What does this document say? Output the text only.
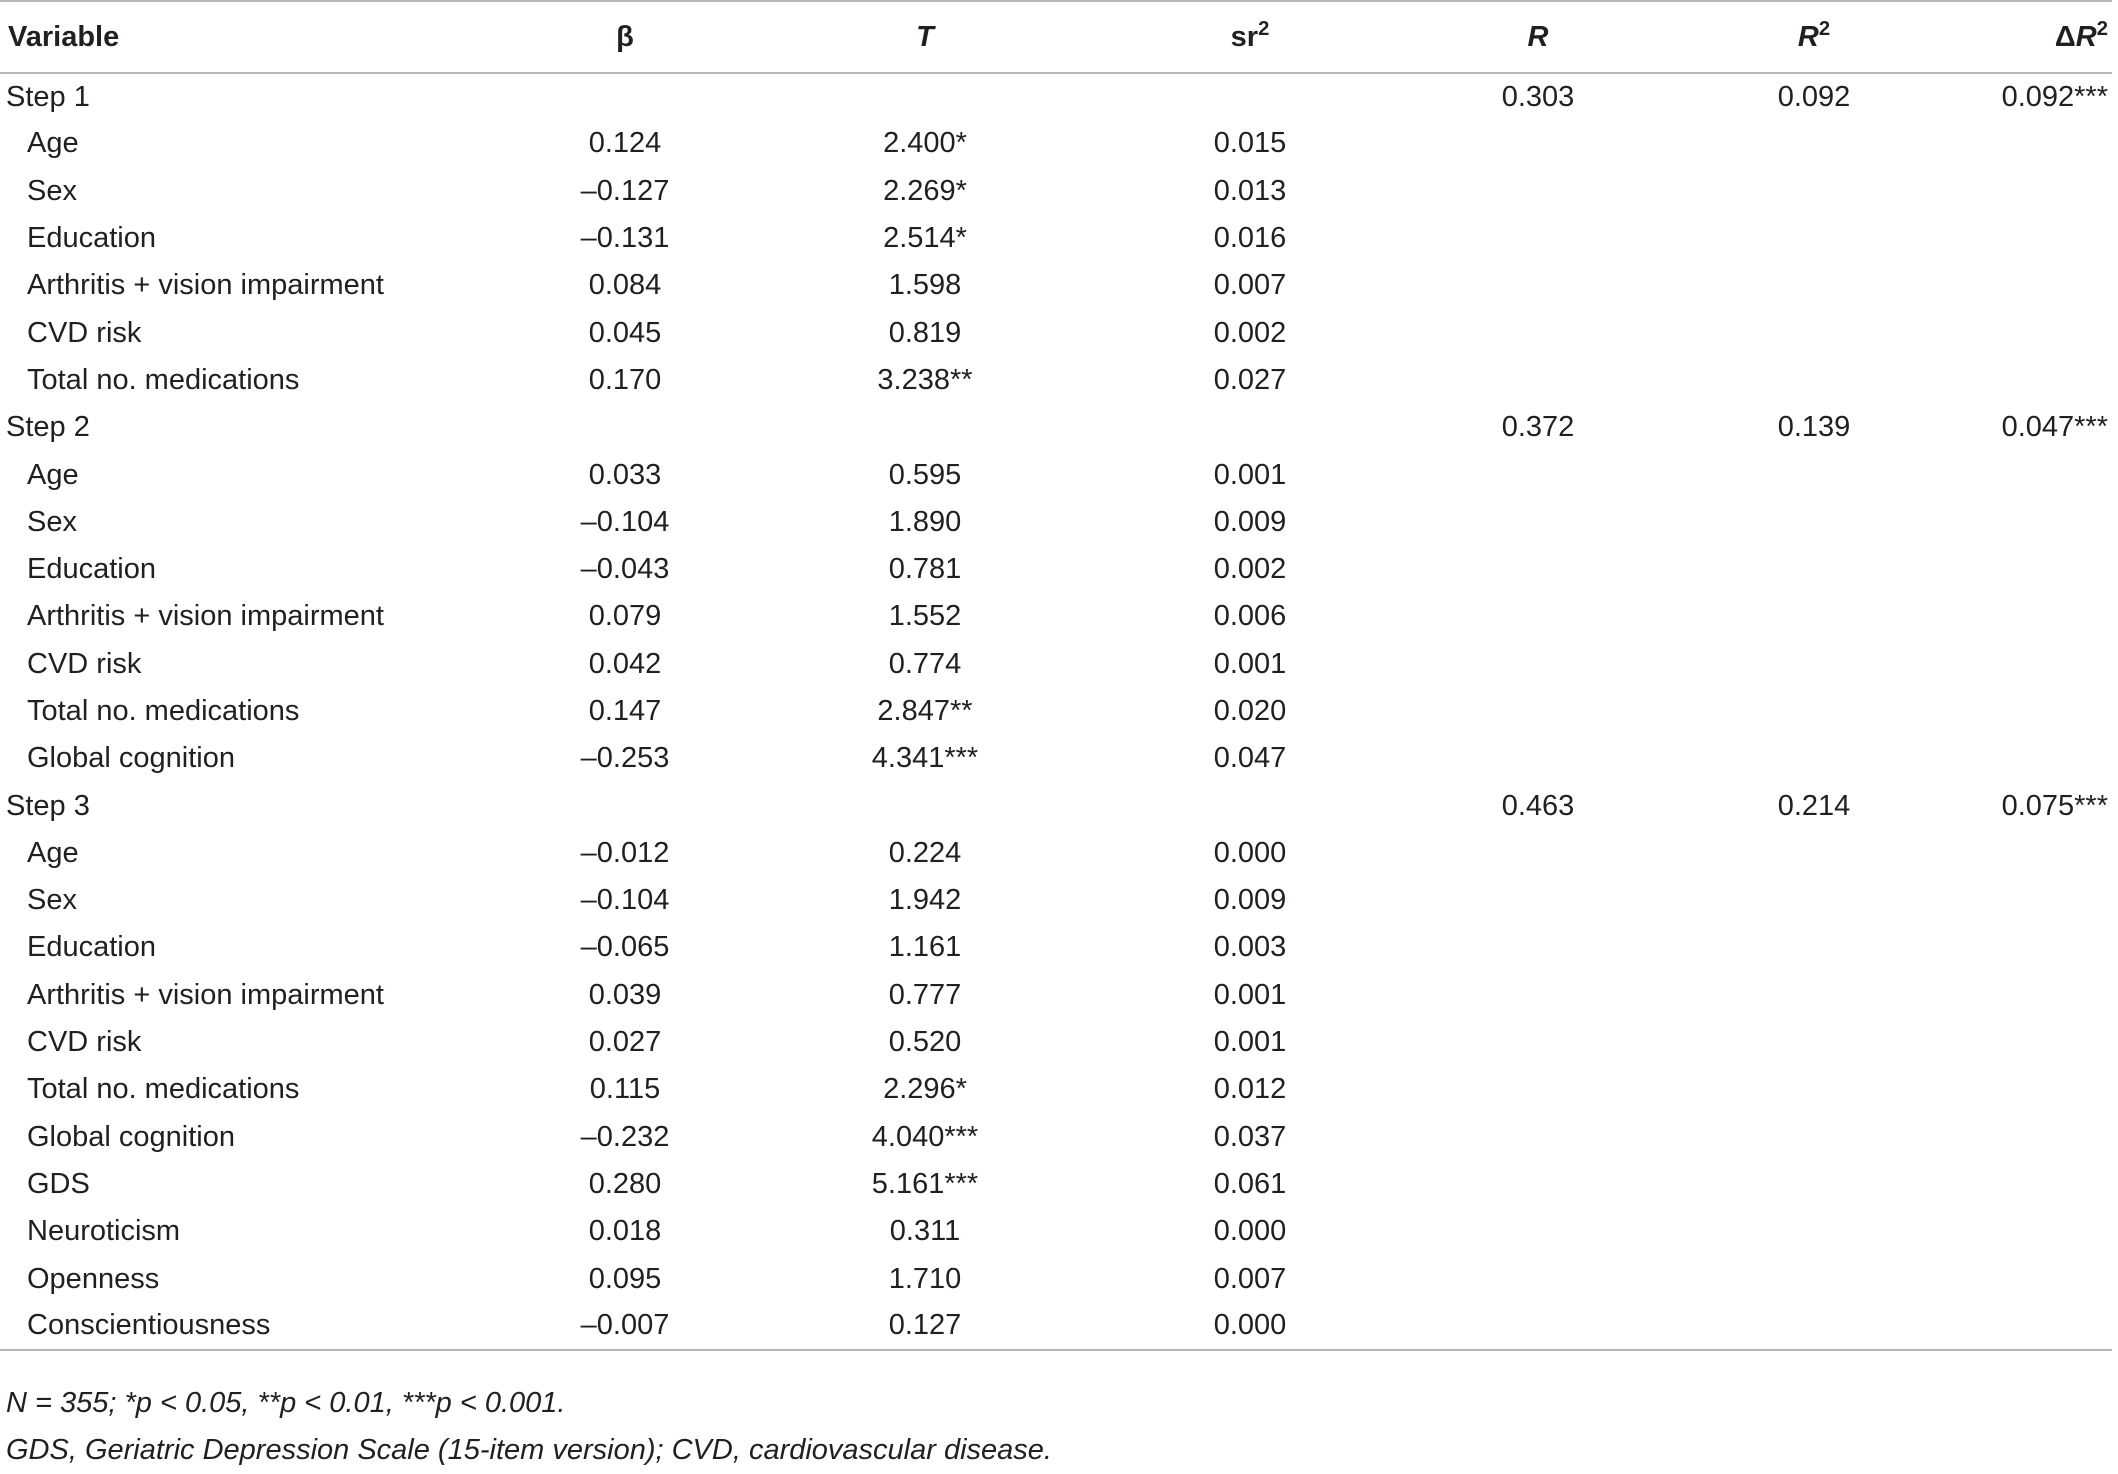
Variable	β	T	$sr^2$	R	$R^2$	$\Delta R^2$
Step 1				0.303	0.092	0.092***
Age	0.124	2.400*	0.015			
Sex	–0.127	2.269*	0.013			
Education	–0.131	2.514*	0.016			
Arthritis + vision impairment	0.084	1.598	0.007			
CVD risk	0.045	0.819	0.002			
Total no. medications	0.170	3.238**	0.027			
Step 2				0.372	0.139	0.047***
Age	0.033	0.595	0.001			
Sex	–0.104	1.890	0.009			
Education	–0.043	0.781	0.002			
Arthritis + vision impairment	0.079	1.552	0.006			
CVD risk	0.042	0.774	0.001			
Total no. medications	0.147	2.847**	0.020			
Global cognition	–0.253	4.341***	0.047			
Step 3				0.463	0.214	0.075***
Age	–0.012	0.224	0.000			
Sex	–0.104	1.942	0.009			
Education	–0.065	1.161	0.003			
Arthritis + vision impairment	0.039	0.777	0.001			
CVD risk	0.027	0.520	0.001			
Total no. medications	0.115	2.296*	0.012			
Global cognition	–0.232	4.040***	0.037			
GDS	0.280	5.161***	0.061			
Neuroticism	0.018	0.311	0.000			
Openness	0.095	1.710	0.007			
Conscientiousness	–0.007	0.127	0.000			
N = 355; *p < 0.05, **p < 0.01, ***p < 0.001.
GDS, Geriatric Depression Scale (15-item version); CVD, cardiovascular disease.
